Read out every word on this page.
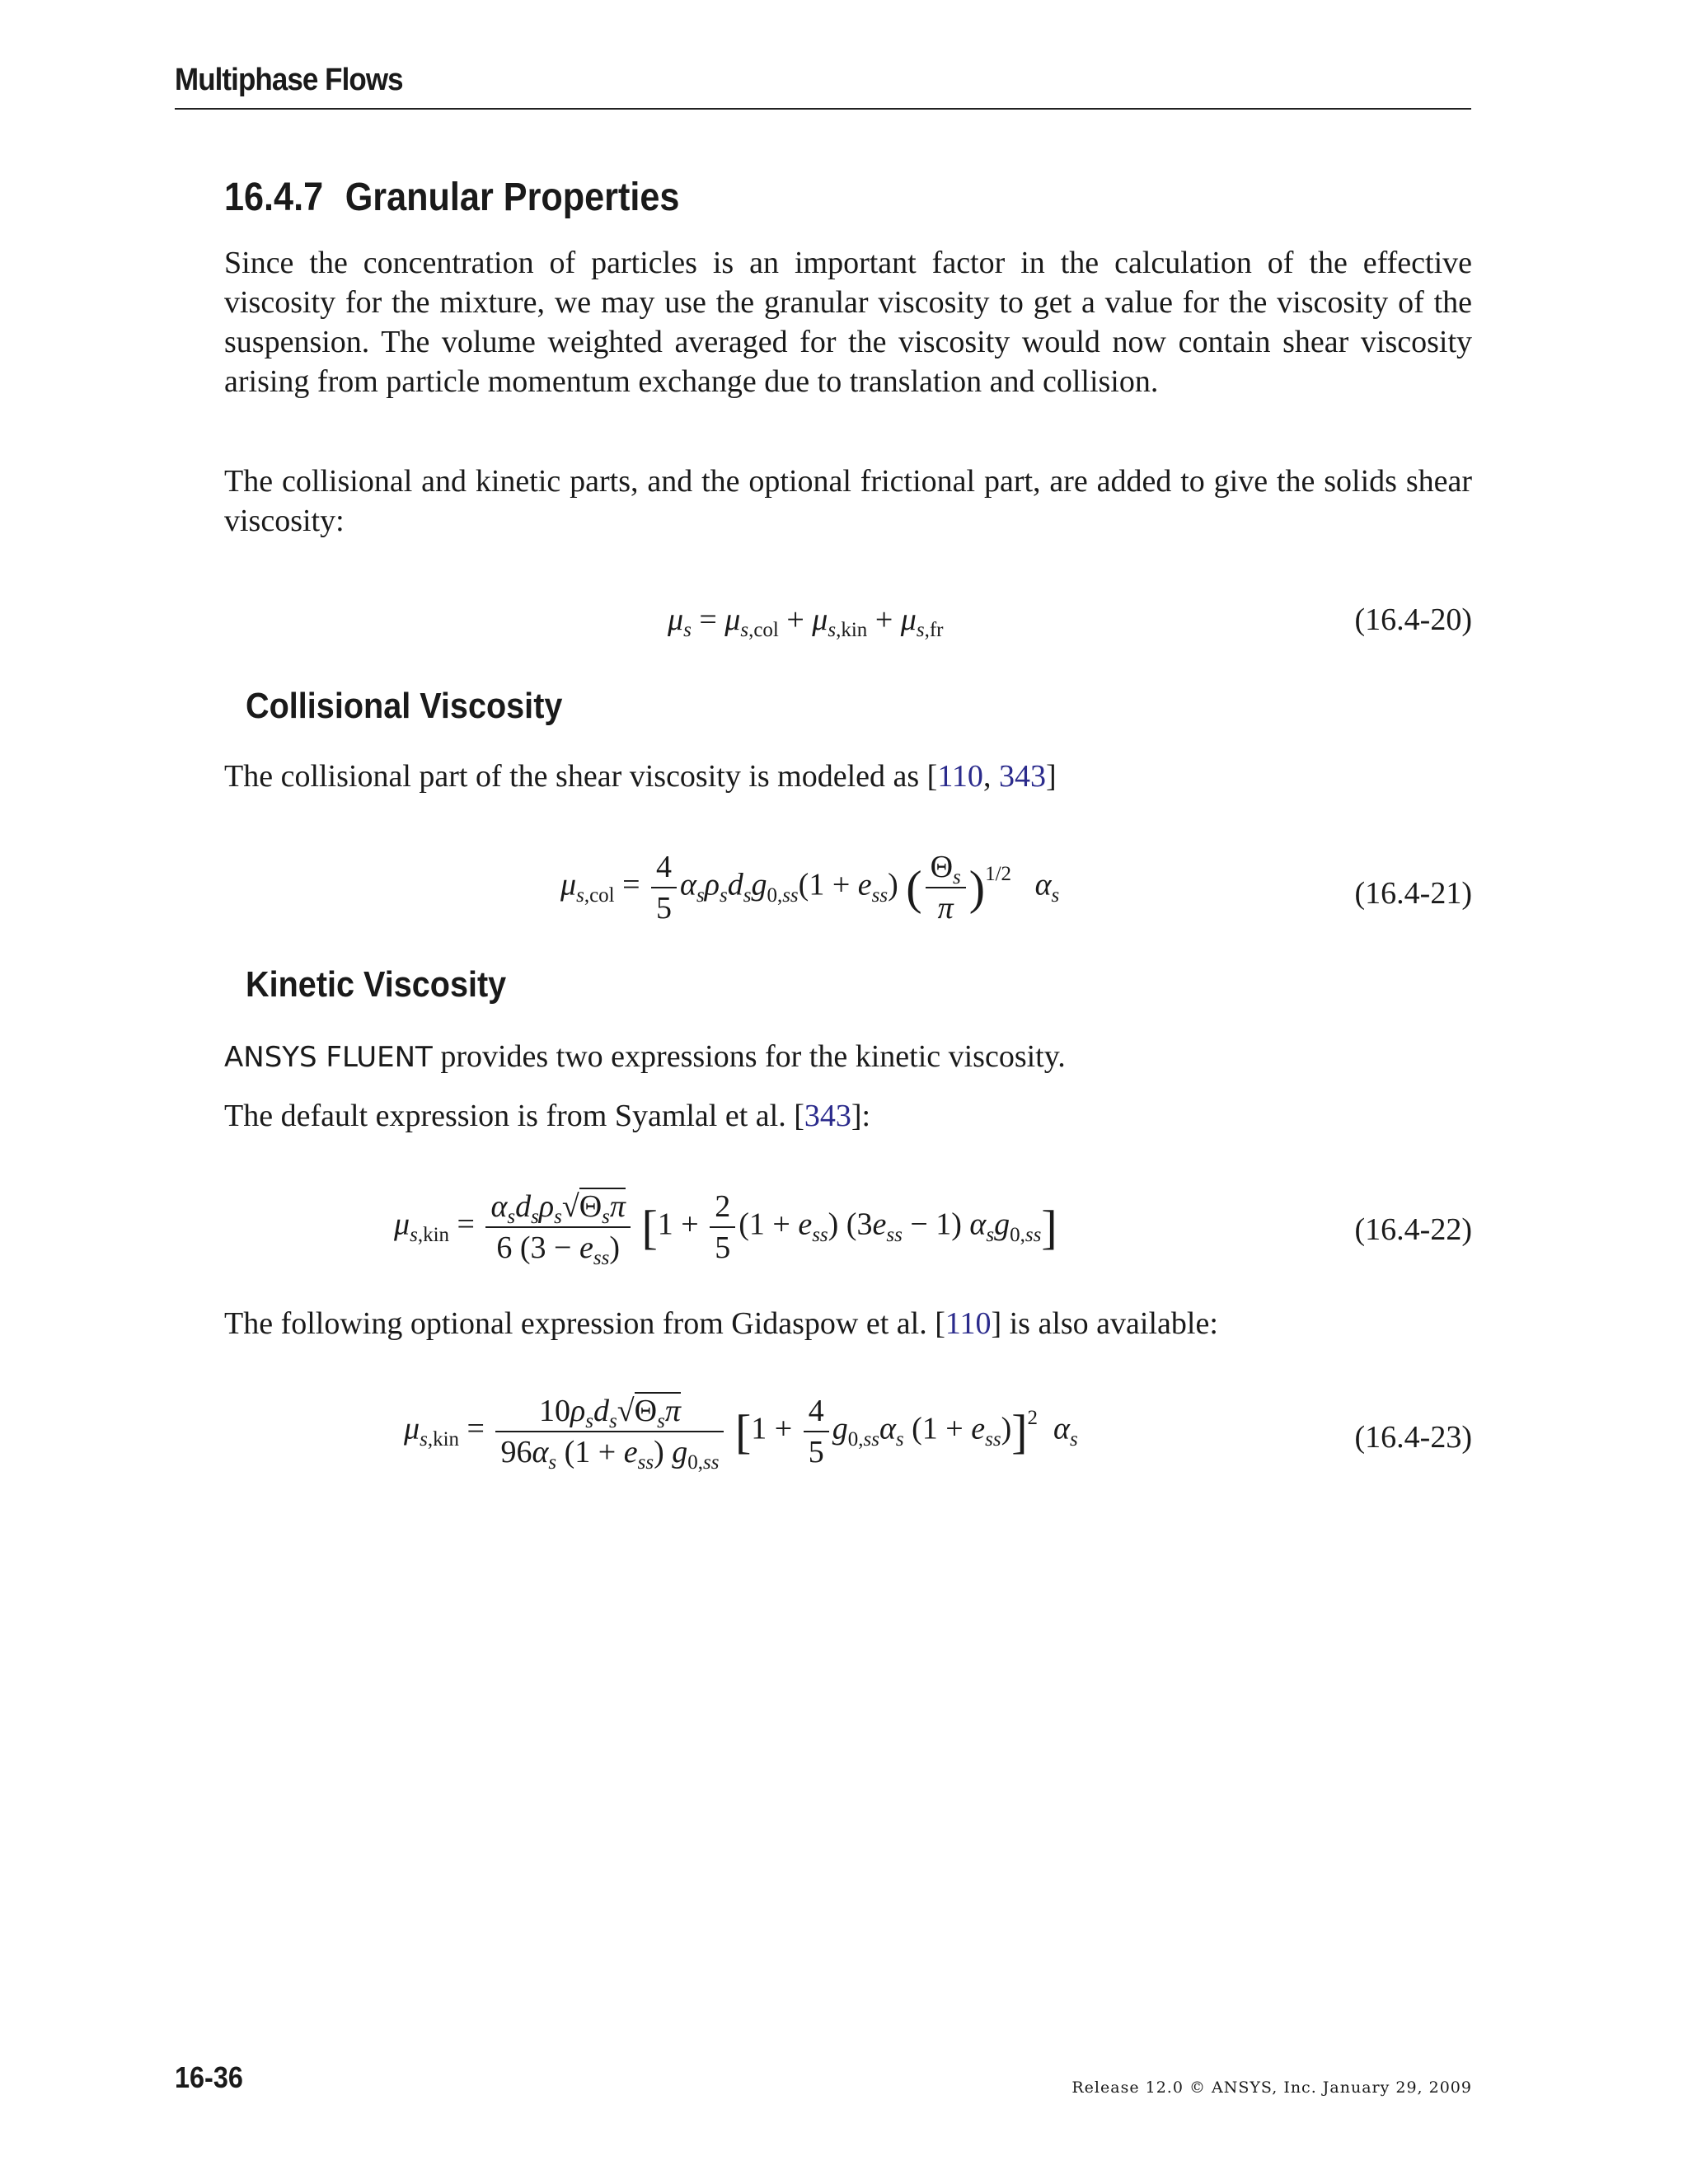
Multiphase Flows
16.4.7 Granular Properties
Since the concentration of particles is an important factor in the calculation of the effective viscosity for the mixture, we may use the granular viscosity to get a value for the viscosity of the suspension. The volume weighted averaged for the viscosity would now contain shear viscosity arising from particle momentum exchange due to translation and collision.
The collisional and kinetic parts, and the optional frictional part, are added to give the solids shear viscosity:
$\mu_s = \mu_{s,col} + \mu_{s,kin} + \mu_{s,fr}$	(16.4-20)
Collisional Viscosity
The collisional part of the shear viscosity is modeled as [110, 343]
$\mu_{s,col} = \frac{4}{5} \alpha_s\rho_sd_sg_{0,ss}(1 + e_{ss})$ ( $\frac{\Theta_s}{\pi} )^{1/2}$ $\alpha_s$	(16.4-21)
Kinetic Viscosity
ANSYS FLUENT provides two expressions for the kinetic viscosity.
The default expression is from Syamlal et al. [343]:
$\mu_{s,kin} = \frac{\alpha_sd_s\rho_s√\Theta_s\pi}{6 (3 - e_{ss})} [1 + \frac{2}{5} (1 + e_{ss}) (3e_{ss} - 1)$ $\alpha_sg_{0,ss}$]	(16.4-22)
The following optional expression from Gidaspow et al. [110] is also available:
$\mu_{s,kin} = \frac{10\rho_sd_s√\Theta_s\pi}{96\alpha_s (1 + e_{ss}) g_{0,ss}} [1 + \frac{4}{5} g_{0,ss}\alpha_s$ $(1 + e_{ss})]^2$ $\alpha_s$	(16.4-23)
16-36	Release 12.0 © ANSYS, Inc. January 29, 2009
